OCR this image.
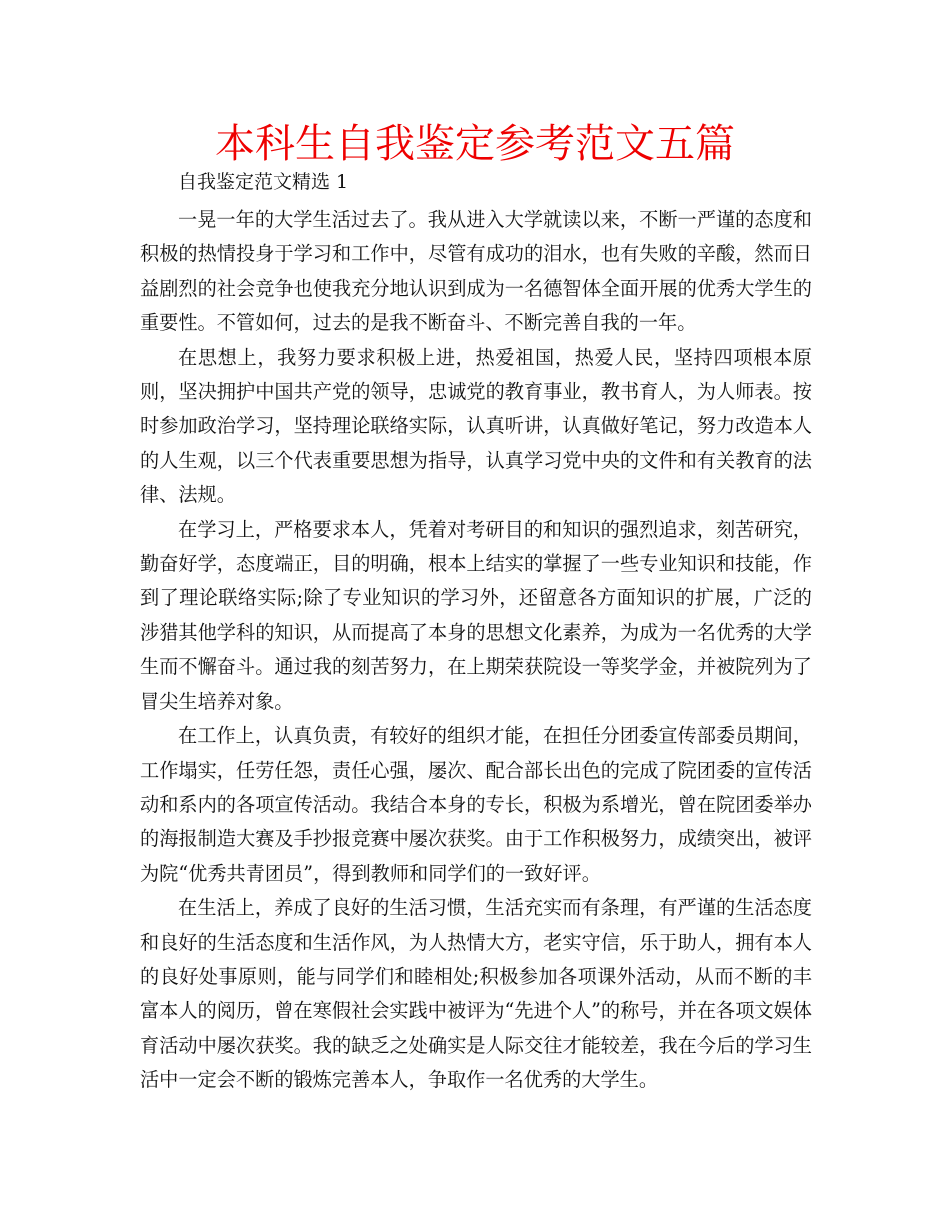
本科生自我鉴定参考范文五篇
自我鉴定范文精选 1

一晃一年的大学生活过去了。我从进入大学就读以来，不断一严谨的态度和积极的热情投身于学习和工作中，尽管有成功的泪水，也有失败的辛酸，然而日益剧烈的社会竞争也使我充分地认识到成为一名德智体全面开展的优秀大学生的重要性。不管如何，过去的是我不断奋斗、不断完善自我的一年。

在思想上，我努力要求积极上进，热爱祖国，热爱人民，坚持四项根本原则，坚决拥护中国共产党的领导，忠诚党的教育事业，教书育人，为人师表。按时参加政治学习，坚持理论联络实际，认真听讲，认真做好笔记，努力改造本人的人生观，以三个代表重要思想为指导，认真学习党中央的文件和有关教育的法律、法规。

在学习上，严格要求本人，凭着对考研目的和知识的强烈追求，刻苦研究，勤奋好学，态度端正，目的明确，根本上结实的掌握了一些专业知识和技能，作到了理论联络实际;除了专业知识的学习外，还留意各方面知识的扩展，广泛的涉猎其他学科的知识，从而提高了本身的思想文化素养，为成为一名优秀的大学生而不懈奋斗。通过我的刻苦努力，在上期荣获院设一等奖学金，并被院列为了冒尖生培养对象。

在工作上，认真负责，有较好的组织才能，在担任分团委宣传部委员期间，工作塌实，任劳任怨，责任心强，屡次、配合部长出色的完成了院团委的宣传活动和系内的各项宣传活动。我结合本身的专长，积极为系增光，曾在院团委举办的海报制造大赛及手抄报竞赛中屡次获奖。由于工作积极努力，成绩突出，被评为院“优秀共青团员”，得到教师和同学们的一致好评。

在生活上，养成了良好的生活习惯，生活充实而有条理，有严谨的生活态度和良好的生活态度和生活作风，为人热情大方，老实守信，乐于助人，拥有本人的良好处事原则，能与同学们和睦相处;积极参加各项课外活动，从而不断的丰富本人的阅历，曾在寒假社会实践中被评为“先进个人”的称号，并在各项文娱体育活动中屡次获奖。我的缺乏之处确实是人际交往才能较差，我在今后的学习生活中一定会不断的锻炼完善本人，争取作一名优秀的大学生。
